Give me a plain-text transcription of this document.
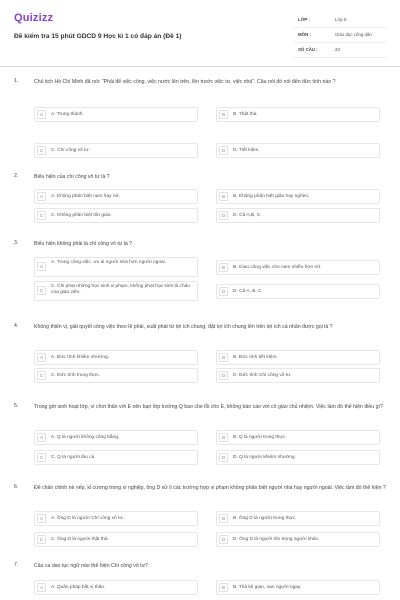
Quizizz
Đề kiểm tra 15 phút GDCD 9 Học kì 1 có đáp án (Đề 1)
LỚP :	Lớp 9
MÔN :	Giáo dục công dân
SỐ CÂU :	20
1.	Chủ tịch Hồ Chí Minh đã nói: "Phải để việc công, việc nước lên trên, lên trước việc tư, việc nhà". Câu nói đó nói đến đức tính nào ?
A	A. Trung thành.	B	B. Thật thà.
C	C. Chí công vô tư.	D	D. Tiết kiệm.
2.	Biểu hiện của chí công vô tư là ?
A	A. Không phân biệt nam hay nữ.	B	B. Không phân biệt giàu hay nghèo.
C	C. Không phân biệt tôn giáo.	D	D. Cả A,B, C.
3.	Biểu hiện không phải là chí công vô tư là ?
A
A. Trong công việc, ưu ái người nhà hơn người ngoài.
B	B. Giao công việc cho nam nhiều hơn nữ.
C
C. Chỉ phạt những học sinh vi phạm, không phạt học sinh là cháu của giáo viên.	D	D. Cả A, B, C
4.	Không thiên vị, giải quyết công việc theo lẽ phải, xuất phát từ lợi ích chung, đặt lợi ích chung lên trên lợi ích cá nhân được gọi là ?
A	A. Đức tính khiêm nhường.	B	B. Đức tính tiết kiệm.
C	C. Đức tính trung thực.	D	D. Đức tính Chí công vô tư.
5.	Trong giờ sinh hoạt lớp, vì chơi thân với E nên bạn lớp trưởng Q bao che lỗi cho E, không báo cáo với cô giáo chủ nhiệm. Việc làm đó thể hiện điều gì?
A	A. Q là người không công bằng.	B	B. Q là người trung thực.
C	C. Q là người lâu cá.	D	D. Q là người khiêm nhường.
6.	Để chấn chỉnh nề nếp, kỉ cương trong xí nghiệp, ông D xử lí các trường hợp vi phạm không phân biệt người nhà hay người ngoài. Việc làm đó thể hiện ?
A	A. Ông D là người Chí công vô tư.	B	B. Ông D là người trung thực.
C	C. Ông D là người thật thà.	D	D. Ông D là người tôn trọng người khác.
7.	Câu ca dao tục ngữ nào thể hiện Chí công vô tư?
A	A. Quân pháp bất vị thân.	B	B. Thả kê gian, oan người ngay.
